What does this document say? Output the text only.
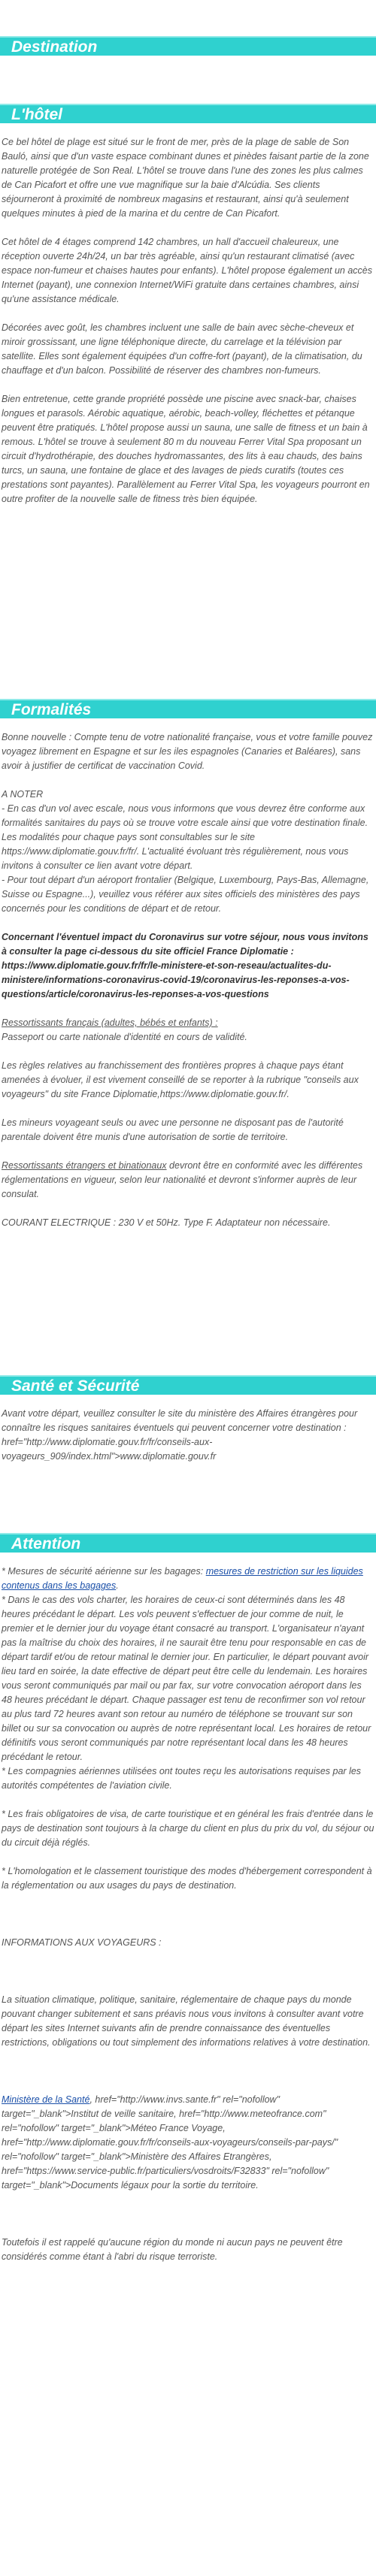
Destination
L'hôtel

Ce bel hôtel de plage est situé sur le front de mer, près de la plage de sable de Son Bauló, ainsi que d'un vaste espace combinant dunes et pinèdes faisant partie de la zone naturelle protégée de Son Real. L'hôtel se trouve dans l'une des zones les plus calmes de Can Picafort et offre une vue magnifique sur la baie d'Alcúdia. Ses clients séjourneront à proximité de nombreux magasins et restaurant, ainsi qu'à seulement quelques minutes à pied de la marina et du centre de Can Picafort.

Cet hôtel de 4 étages comprend 142 chambres, un hall d'accueil chaleureux, une réception ouverte 24h/24, un bar très agréable, ainsi qu'un restaurant climatisé (avec espace non-fumeur et chaises hautes pour enfants). L'hôtel propose également un accès Internet (payant), une connexion Internet/WiFi gratuite dans certaines chambres, ainsi qu'une assistance médicale.

Décorées avec goût, les chambres incluent une salle de bain avec sèche-cheveux et miroir grossissant, une ligne téléphonique directe, du carrelage et la télévision par satellite. Elles sont également équipées d'un coffre-fort (payant), de la climatisation, du chauffage et d'un balcon. Possibilité de réserver des chambres non-fumeurs.

Bien entretenue, cette grande propriété possède une piscine avec snack-bar, chaises longues et parasols. Aérobic aquatique, aérobic, beach-volley, fléchettes et pétanque peuvent être pratiqués. L'hôtel propose aussi un sauna, une salle de fitness et un bain à remous. L'hôtel se trouve à seulement 80 m du nouveau Ferrer Vital Spa proposant un circuit d'hydrothérapie, des douches hydromassantes, des lits à eau chauds, des bains turcs, un sauna, une fontaine de glace et des lavages de pieds curatifs (toutes ces prestations sont payantes). Parallèlement au Ferrer Vital Spa, les voyageurs pourront en outre profiter de la nouvelle salle de fitness très bien équipée.

Formalités

Bonne nouvelle : Compte tenu de votre nationalité française, vous et votre famille pouvez voyagez librement en Espagne et sur les iles espagnoles (Canaries et Baléares), sans avoir à justifier de certificat de vaccination Covid.

A NOTER

- En cas d'un vol avec escale, nous vous informons que vous devrez être conforme aux formalités sanitaires du pays où se trouve votre escale ainsi que votre destination finale.

Les modalités pour chaque pays sont consultables sur le site https://www.diplomatie.gouv.fr/fr/. L'actualité évoluant très régulièrement, nous vous invitons à consulter ce lien avant votre départ.

- Pour tout départ d'un aéroport frontalier (Belgique, Luxembourg, Pays-Bas, Allemagne, Suisse ou Espagne...), veuillez vous référer aux sites officiels des ministères des pays concernés pour les conditions de départ et de retour.

Concernant l'éventuel impact du Coronavirus sur votre séjour, nous vous invitons à consulter la page ci-dessous du site officiel France Diplomatie : https://www.diplomatie.gouv.fr/fr/le-ministere-et-son-reseau/actualites-du-ministere/informations-coronavirus-covid-19/coronavirus-les-reponses-a-vos-questions/article/coronavirus-les-reponses-a-vos-questions

Ressortissants français (adultes, bébés et enfants) :

Passeport ou carte nationale d'identité en cours de validité.

Les règles relatives au franchissement des frontières propres à chaque pays étant amenées à évoluer, il est vivement conseillé de se reporter à la rubrique "conseils aux voyageurs" du site France Diplomatie,https://www.diplomatie.gouv.fr/.

Les mineurs voyageant seuls ou avec une personne ne disposant pas de l'autorité parentale doivent être munis d'une autorisation de sortie de territoire.

Ressortissants étrangers et binationaux devront être en conformité avec les différentes réglementations en vigueur, selon leur nationalité et devront s'informer auprès de leur consulat.

COURANT ELECTRIQUE : 230 V et 50Hz. Type F. Adaptateur non nécessaire.

Santé et Sécurité

Avant votre départ, veuillez consulter le site du ministère des Affaires étrangères pour connaître les risques sanitaires éventuels qui peuvent concerner votre destination : href="http://www.diplomatie.gouv.fr/fr/conseils-aux-voyageurs_909/index.html">www.diplomatie.gouv.fr

Attention

* Mesures de sécurité aérienne sur les bagages: mesures de restriction sur les liquides contenus dans les bagages.

* Dans le cas des vols charter, les horaires de ceux-ci sont déterminés dans les 48 heures précédant le départ. Les vols peuvent s'effectuer de jour comme de nuit, le premier et le dernier jour du voyage étant consacré au transport. L'organisateur n'ayant pas la maîtrise du choix des horaires, il ne saurait être tenu pour responsable en cas de départ tardif et/ou de retour matinal le dernier jour. En particulier, le départ pouvant avoir lieu tard en soirée, la date effective de départ peut être celle du lendemain. Les horaires vous seront communiqués par mail ou par fax, sur votre convocation aéroport dans les 48 heures précédant le départ. Chaque passager est tenu de reconfirmer son vol retour au plus tard 72 heures avant son retour au numéro de téléphone se trouvant sur son billet ou sur sa convocation ou auprès de notre représentant local. Les horaires de retour définitifs vous seront communiqués par notre représentant local dans les 48 heures précédant le retour.

* Les compagnies aériennes utilisées ont toutes reçu les autorisations requises par les autorités compétentes de l'aviation civile.

* Les frais obligatoires de visa, de carte touristique et en général les frais d'entrée dans le pays de destination sont toujours à la charge du client en plus du prix du vol, du séjour ou du circuit déjà réglés.

* L'homologation et le classement touristique des modes d'hébergement correspondent à la réglementation ou aux usages du pays de destination.

INFORMATIONS AUX VOYAGEURS :

La situation climatique, politique, sanitaire, réglementaire de chaque pays du monde pouvant changer subitement et sans préavis nous vous invitons à consulter avant votre départ les sites Internet suivants afin de prendre connaissance des éventuelles restrictions, obligations ou tout simplement des informations relatives à votre destination.

Ministère de la Santé, href="http://www.invs.sante.fr" rel="nofollow" target="_blank">Institut de veille sanitaire, href="http://www.meteofrance.com" rel="nofollow" target="_blank">Méteo France Voyage, href="http://www.diplomatie.gouv.fr/fr/conseils-aux-voyageurs/conseils-par-pays/" rel="nofollow" target="_blank">Ministère des Affaires Etrangères, href="https://www.service-public.fr/particuliers/vosdroits/F32833" rel="nofollow" target="_blank">Documents légaux pour la sortie du territoire.

Toutefois il est rappelé qu'aucune région du monde ni aucun pays ne peuvent être considérés comme étant à l'abri du risque terroriste.
